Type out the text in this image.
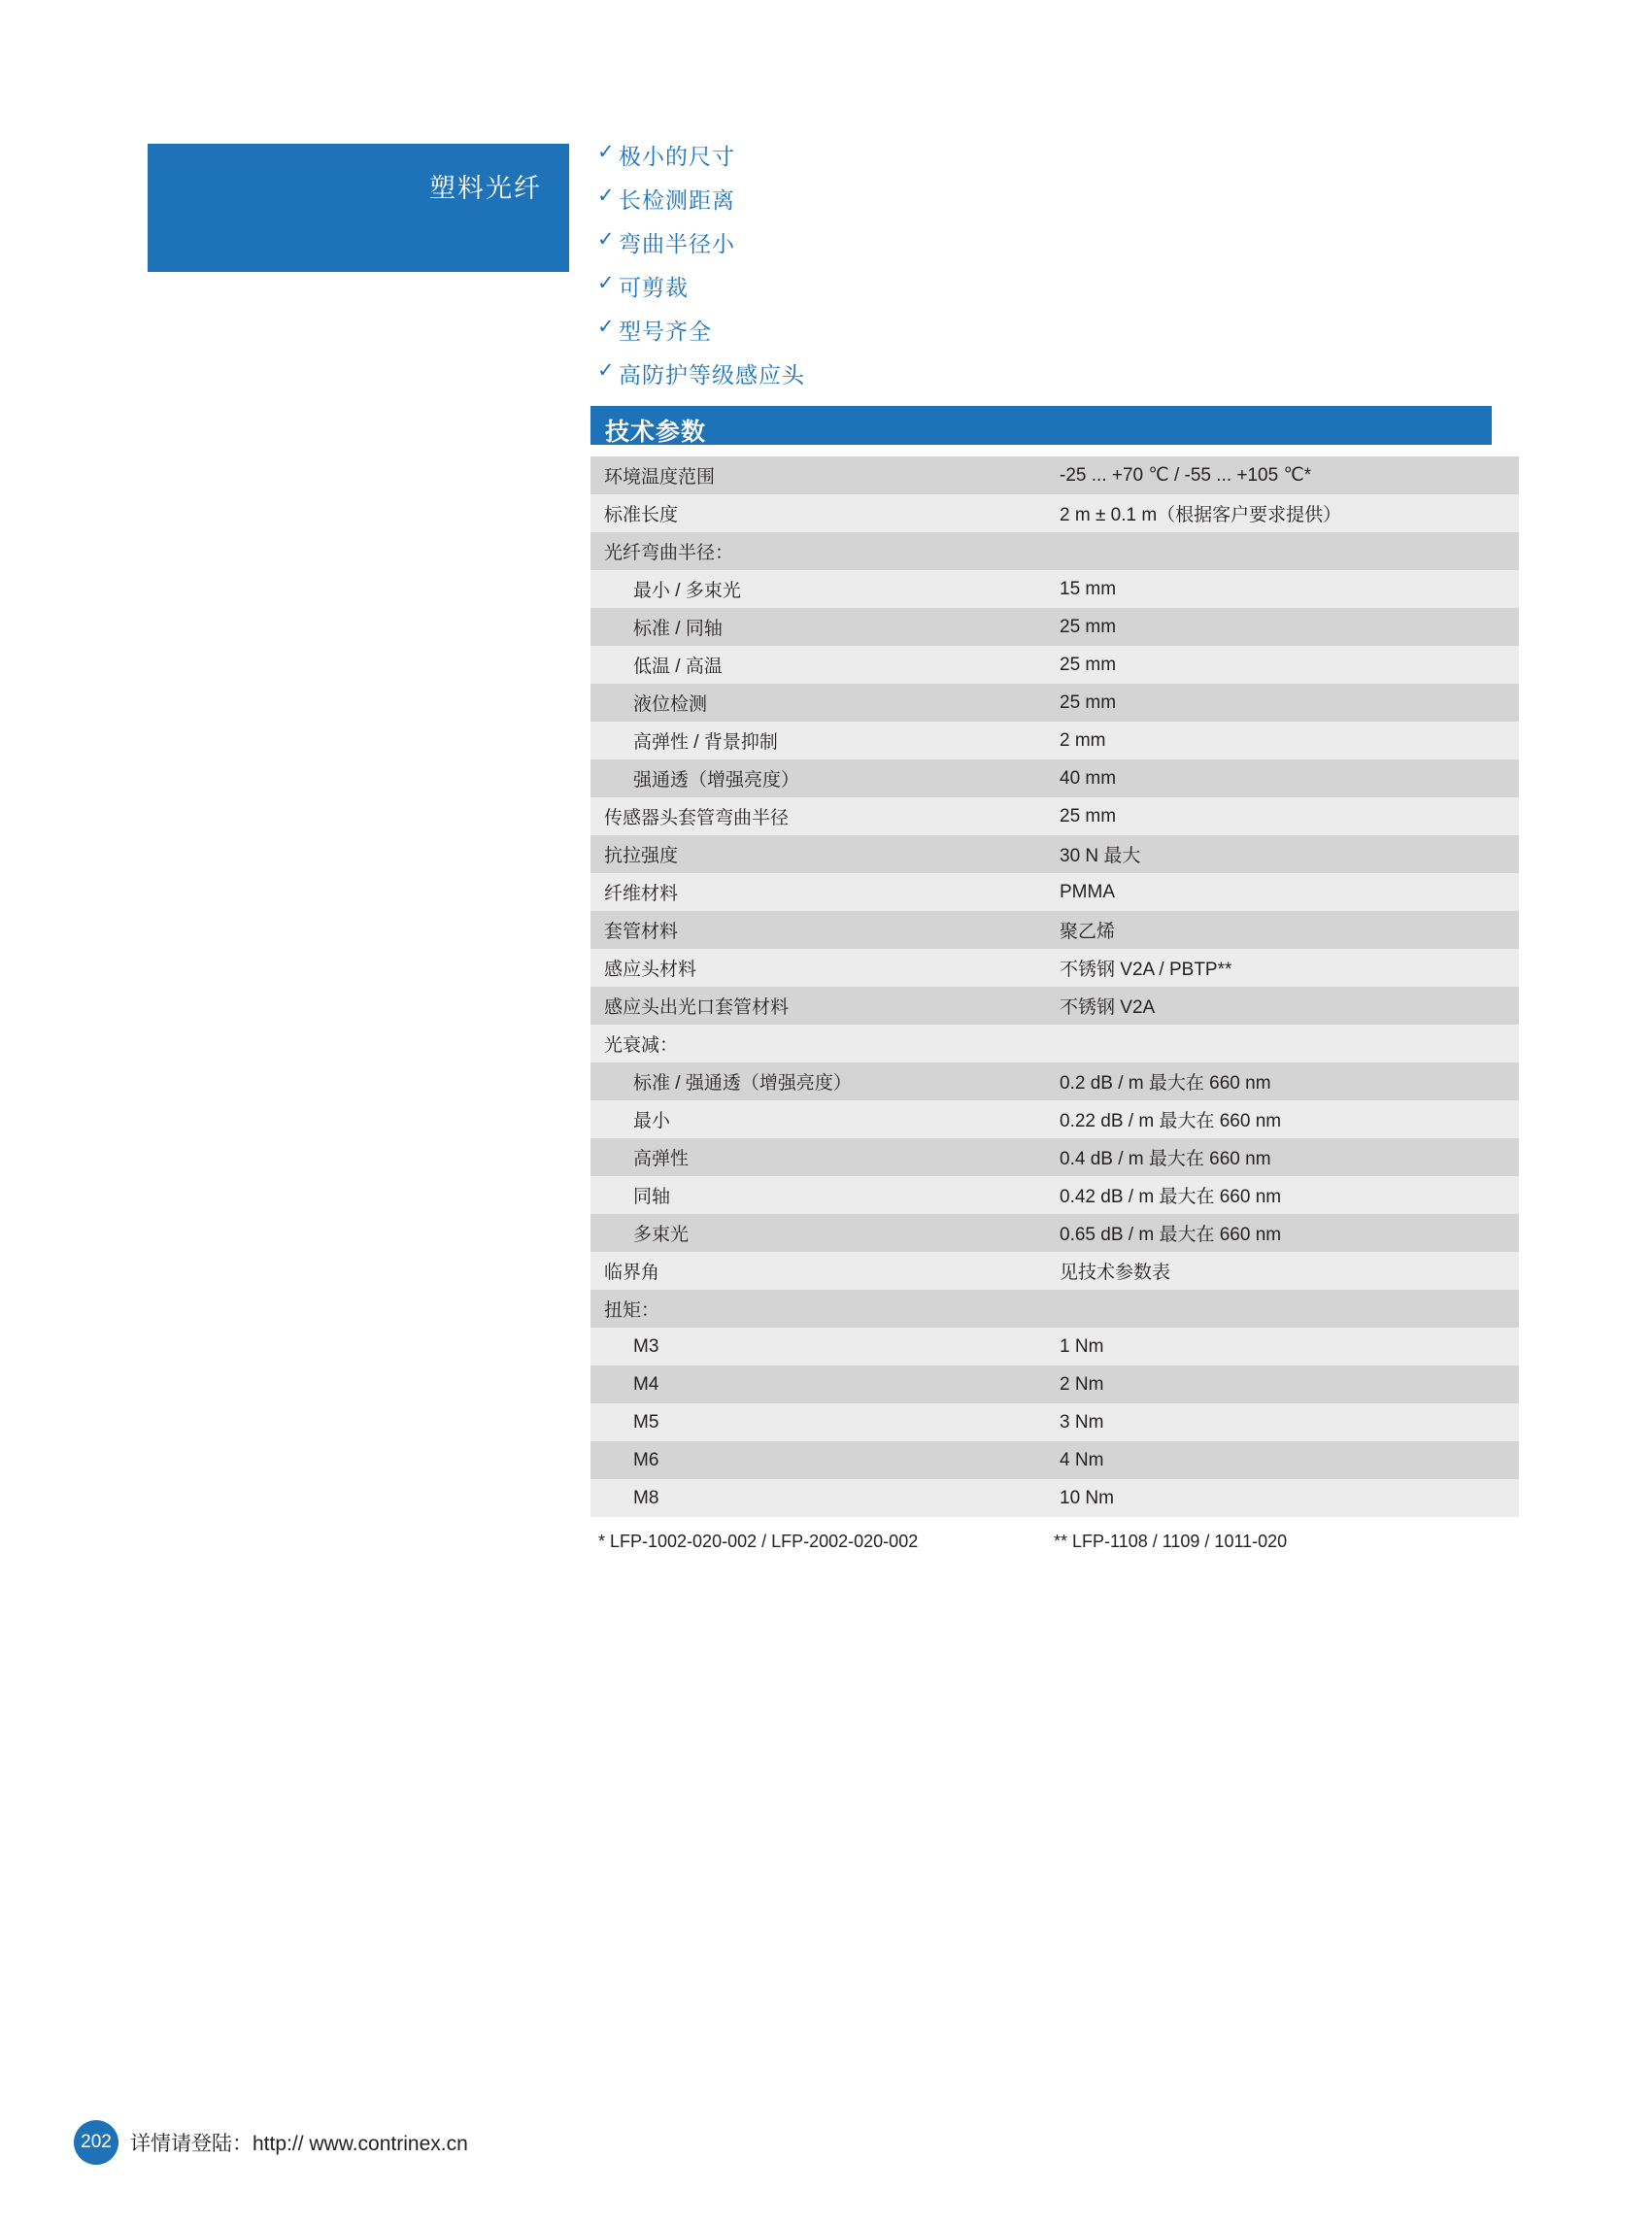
塑料光纤
✓ 极小的尺寸
✓ 长检测距离
✓ 弯曲半径小
✓ 可剪裁
✓ 型号齐全
✓ 高防护等级感应头
技术参数
环境温度范围	-25 ... +70 ℃ / -55 ... +105 ℃*
标准长度	2 m ± 0.1 m（根据客户要求提供）
光纤弯曲半径：	
最小 / 多束光	15 mm
标准 / 同轴	25 mm
低温 / 高温	25 mm
液位检测	25 mm
高弹性 / 背景抑制	2 mm
强通透（增强亮度）	40 mm
传感器头套管弯曲半径	25 mm
抗拉强度	30 N 最大
纤维材料	PMMA
套管材料	聚乙烯
感应头材料	不锈钢 V2A / PBTP**
感应头出光口套管材料	不锈钢 V2A
光衰减：	
标准 / 强通透（增强亮度）	0.2 dB / m 最大在 660 nm
最小	0.22 dB / m 最大在 660 nm
高弹性	0.4 dB / m 最大在 660 nm
同轴	0.42 dB / m 最大在 660 nm
多束光	0.65 dB / m 最大在 660 nm
临界角	见技术参数表
扭矩：	
M3	1 Nm
M4	2 Nm
M5	3 Nm
M6	4 Nm
M8	10 Nm
* LFP-1002-020-002 / LFP-2002-020-002	** LFP-1108 / 1109 / 1011-020
202 详情请登陆：http:// www.contrinex.cn
